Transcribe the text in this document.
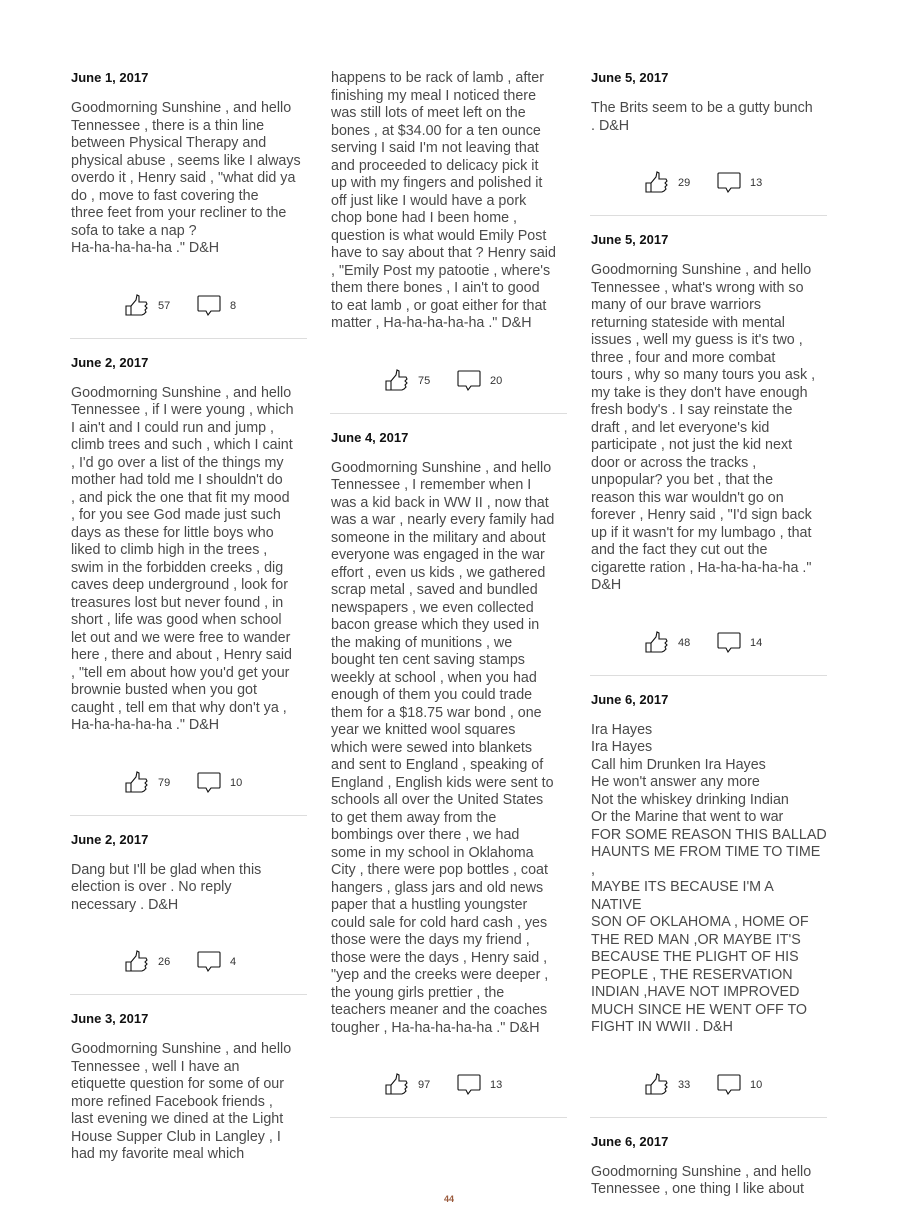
June 1, 2017
Goodmorning Sunshine , and hello
Tennessee , there is a thin line
between Physical Therapy and
physical abuse , seems like I always
overdo it , Henry said , "what did ya
do , move to fast covering the
three feet from your recliner to the
sofa to take a nap ?
Ha-ha-ha-ha-ha ." D&H
57	8
June 2, 2017
Goodmorning Sunshine , and hello
Tennessee , if I were young , which
I ain't and I could run and jump ,
climb trees and such , which I caint
, I'd go over a list of the things my
mother had told me I shouldn't do
, and pick the one that fit my mood
, for you see God made just such
days as these for little boys who
liked to climb high in the trees ,
swim in the forbidden creeks , dig
caves deep underground , look for
treasures lost but never found , in
short , life was good when school
let out and we were free to wander
here , there and about , Henry said
, "tell em about how you'd get your
brownie busted when you got
caught , tell em that why don't ya ,
Ha-ha-ha-ha-ha ." D&H
79	10
June 2, 2017
Dang but I'll be glad when this
election is over . No reply
necessary . D&H
26	4
June 3, 2017
Goodmorning Sunshine , and hello
Tennessee , well I have an
etiquette question for some of our
more refined Facebook friends ,
last evening we dined at the Light
House Supper Club in Langley , I
had my favorite meal which
happens to be rack of lamb , after
finishing my meal I noticed there
was still lots of meet left on the
bones , at $34.00 for a ten ounce
serving I said I'm not leaving that
and proceeded to delicacy pick it
up with my fingers and polished it
off just like I would have a pork
chop bone had I been home ,
question is what would Emily Post
have to say about that ? Henry said
, "Emily Post my patootie , where's
them there bones , I ain't to good
to eat lamb , or goat either for that
matter , Ha-ha-ha-ha-ha ." D&H
75	20
June 4, 2017
Goodmorning Sunshine , and hello
Tennessee , I remember when I
was a kid back in WW II , now that
was a war , nearly every family had
someone in the military and about
everyone was engaged in the war
effort , even us kids , we gathered
scrap metal , saved and bundled
newspapers , we even collected
bacon grease which they used in
the making of munitions , we
bought ten cent saving stamps
weekly at school , when you had
enough of them you could trade
them for a $18.75 war bond , one
year we knitted wool squares
which were sewed into blankets
and sent to England , speaking of
England , English kids were sent to
schools all over the United States
to get them away from the
bombings over there , we had
some in my school in Oklahoma
City , there were pop bottles , coat
hangers , glass jars and old news
paper that a hustling youngster
could sale for cold hard cash , yes
those were the days my friend ,
those were the days , Henry said ,
"yep and the creeks were deeper ,
the young girls prettier , the
teachers meaner and the coaches
tougher , Ha-ha-ha-ha-ha ." D&H
97	13
June 5, 2017
The Brits seem to be a gutty bunch
. D&H
29	13
June 5, 2017
Goodmorning Sunshine , and hello
Tennessee , what's wrong with so
many of our brave warriors
returning stateside with mental
issues , well my guess is it's two ,
three , four and more combat
tours , why so many tours you ask ,
my take is they don't have enough
fresh body's . I say reinstate the
draft , and let everyone's kid
participate , not just the kid next
door or across the tracks ,
unpopular? you bet , that the
reason this war wouldn't go on
forever , Henry said , "I'd sign back
up if it wasn't for my lumbago , that
and the fact they cut out the
cigarette ration , Ha-ha-ha-ha-ha ."
D&H
48	14
June 6, 2017
Ira Hayes
Ira Hayes
Call him Drunken Ira Hayes
He won't answer any more
Not the whiskey drinking Indian
Or the Marine that went to war
FOR SOME REASON THIS BALLAD
HAUNTS ME FROM TIME TO TIME ,
MAYBE ITS BECAUSE I'M A NATIVE
SON OF OKLAHOMA , HOME OF
THE RED MAN ,OR MAYBE IT'S
BECAUSE THE PLIGHT OF HIS
PEOPLE , THE RESERVATION
INDIAN ,HAVE NOT IMPROVED
MUCH SINCE HE WENT OFF TO
FIGHT IN WWII . D&H
33	10
June 6, 2017
Goodmorning Sunshine , and hello
Tennessee , one thing I like about
44
